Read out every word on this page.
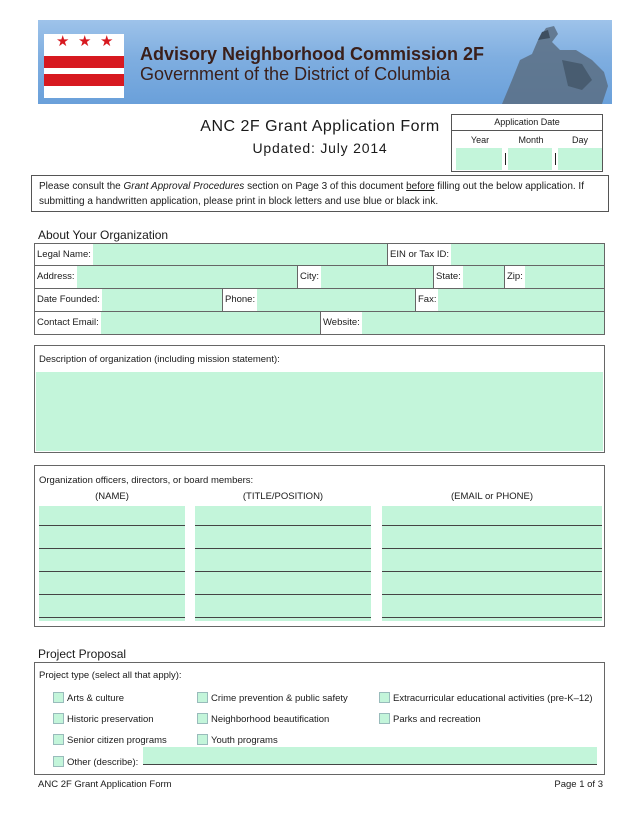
★ ★ ★
Advisory Neighborhood Commission 2F
Government of the District of Columbia
ANC 2F Grant Application Form
Updated: July 2014
Application Date
Year	Month	Day
Please consult the Grant Approval Procedures section on Page 3 of this document before filling out the below application. If submitting a handwritten application, please print in block letters and use blue or black ink.
About Your Organization
Legal Name:	EIN or Tax ID:
Address:	City:	State:	Zip:
Date Founded:	Phone:	Fax:
Contact Email:	Website:
Description of organization (including mission statement):
Organization officers, directors, or board members:
(NAME)	(TITLE/POSITION)	(EMAIL or PHONE)
Project Proposal
Project type (select all that apply):
Arts & culture	Crime prevention & public safety	Extracurricular educational activities (pre-K–12)
Historic preservation	Neighborhood beautification	Parks and recreation
Senior citizen programs	Youth programs
Other (describe):
ANC 2F Grant Application Form	Page 1 of 3
